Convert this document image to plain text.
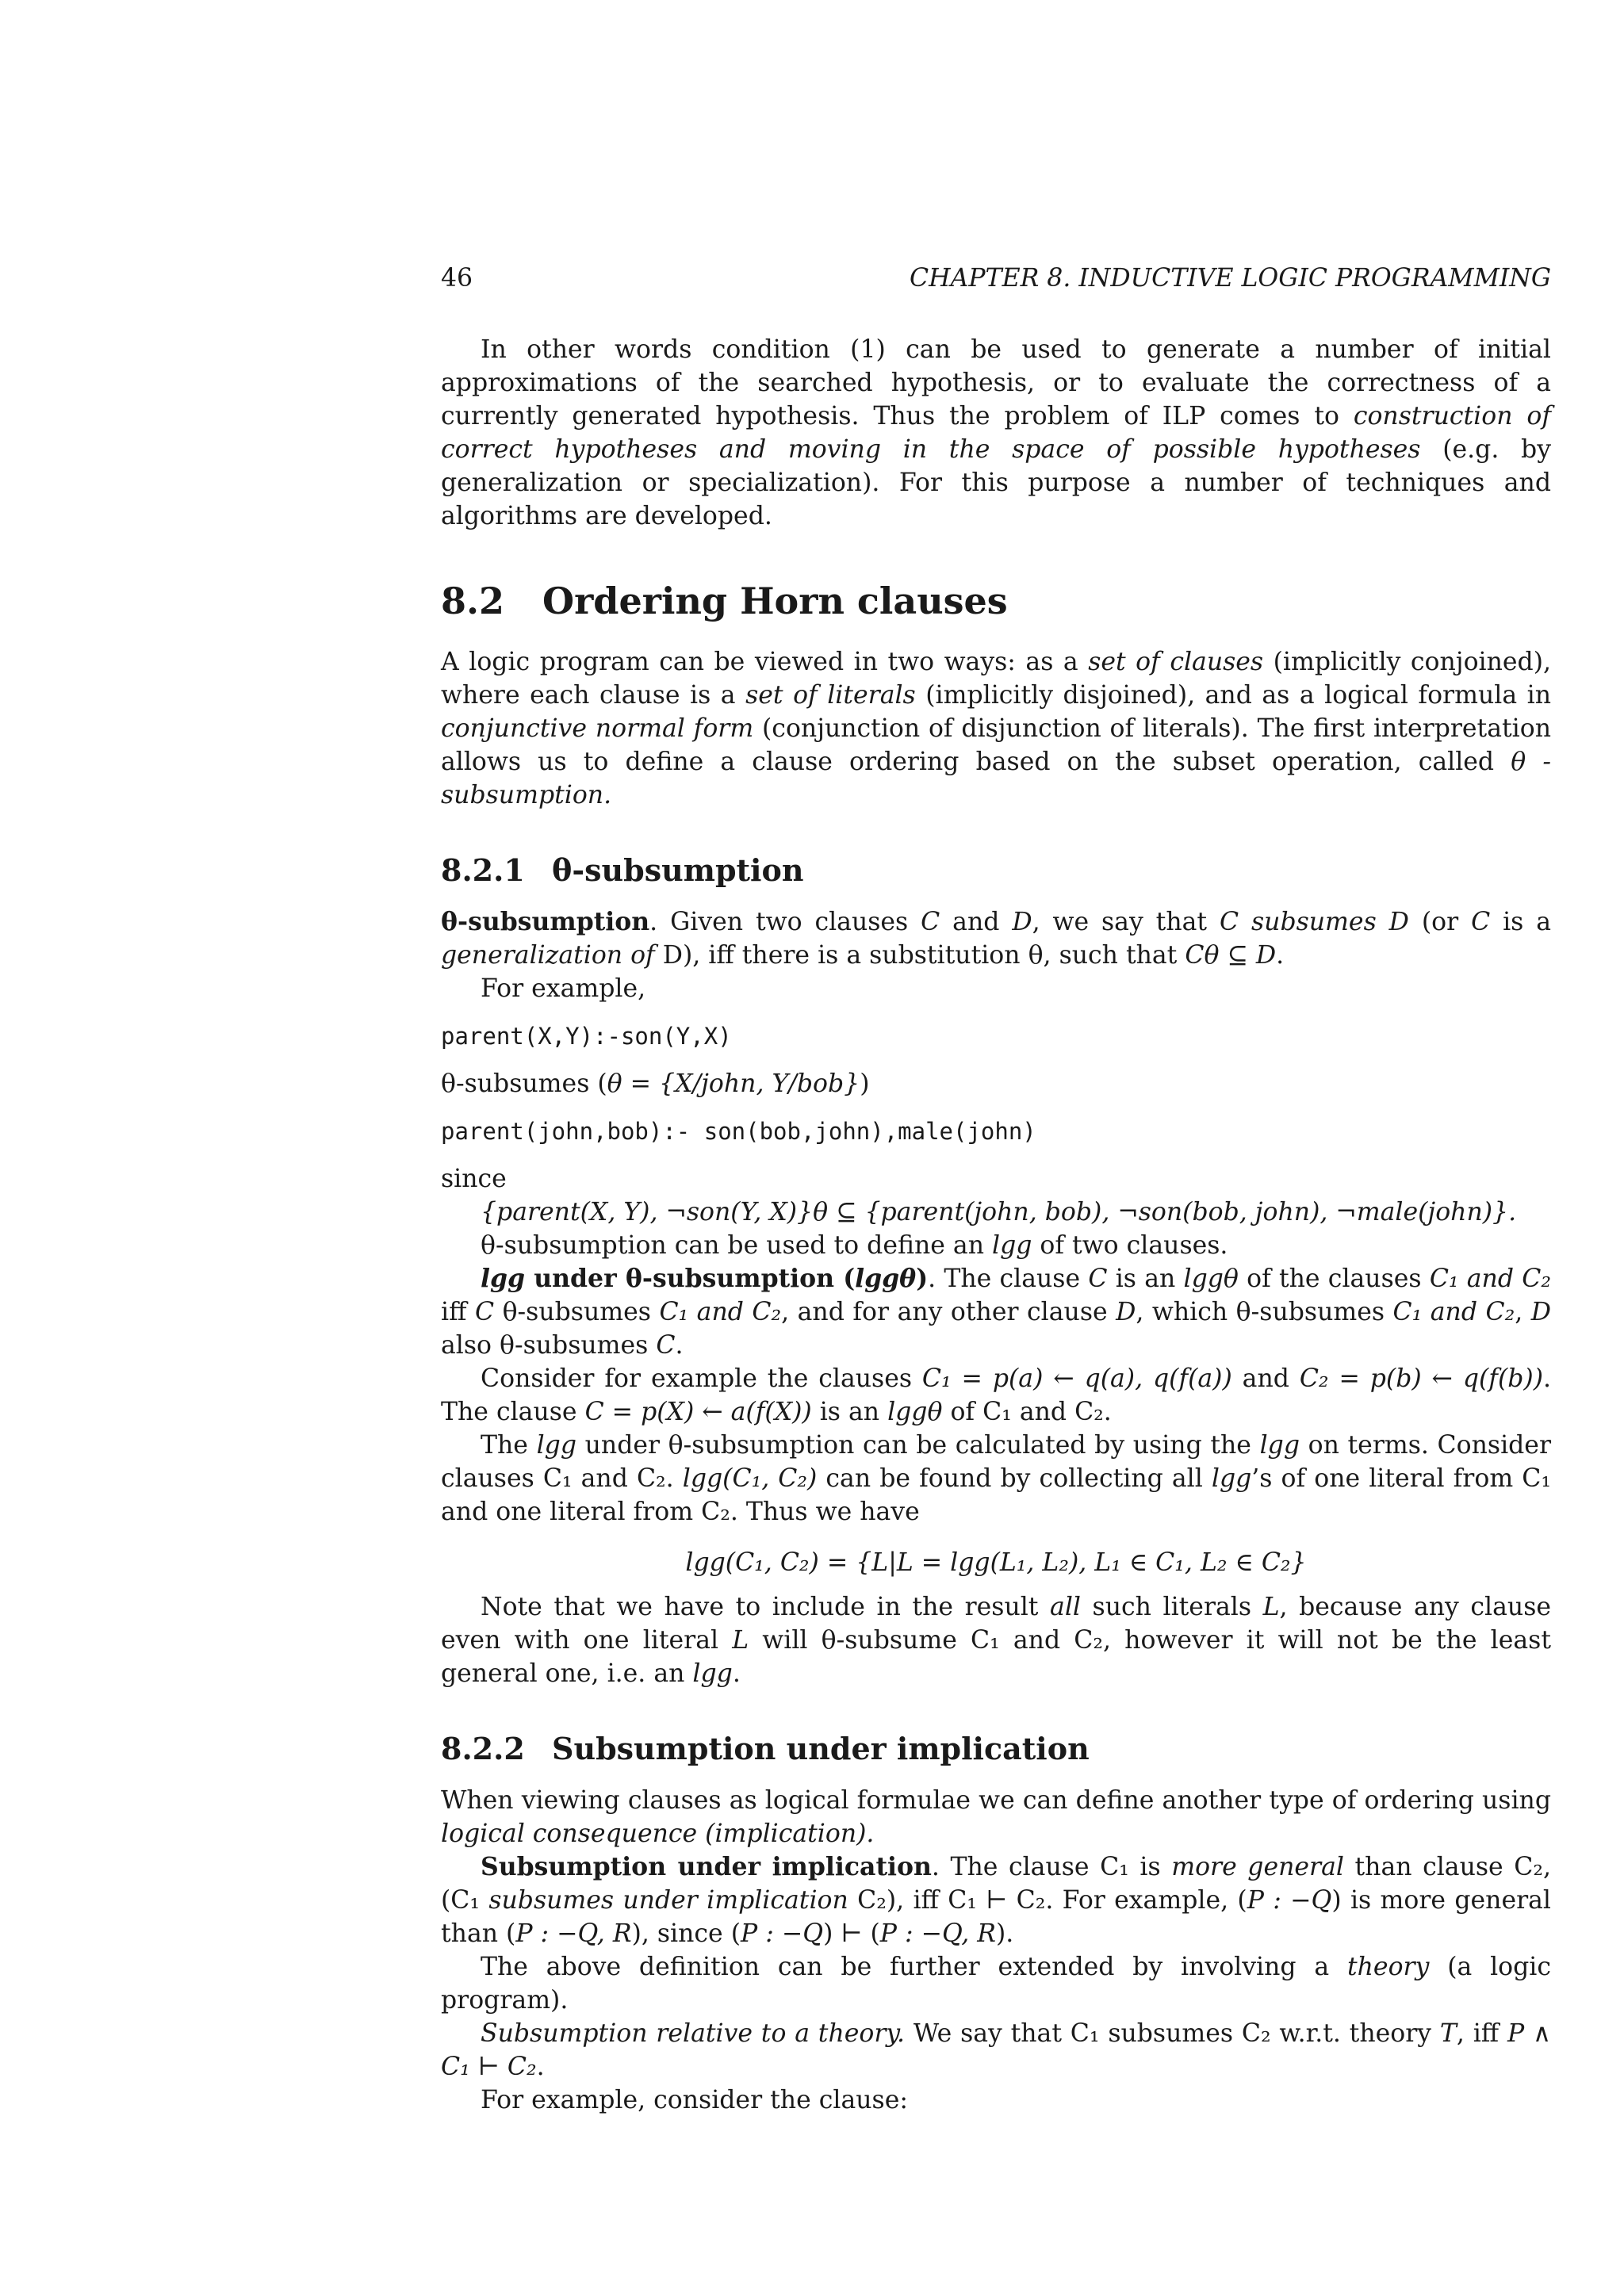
46	CHAPTER 8. INDUCTIVE LOGIC PROGRAMMING

In other words condition (1) can be used to generate a number of initial approximations of the searched hypothesis, or to evaluate the correctness of a currently generated hypothesis. Thus the problem of ILP comes to construction of correct hypotheses and moving in the space of possible hypotheses (e.g. by generalization or specialization). For this purpose a number of techniques and algorithms are developed.

8.2 Ordering Horn clauses

A logic program can be viewed in two ways: as a set of clauses (implicitly conjoined), where each clause is a set of literals (implicitly disjoined), and as a logical formula in conjunctive normal form (conjunction of disjunction of literals). The first interpretation allows us to define a clause ordering based on the subset operation, called θ - subsumption.

8.2.1 θ-subsumption

θ-subsumption. Given two clauses C and D, we say that C subsumes D (or C is a generalization of D), iff there is a substitution θ, such that Cθ ⊆ D.

For example,

parent(X,Y):-son(Y,X)
θ-subsumes (θ = {X/john, Y/bob})
parent(john,bob):- son(bob,john),male(john)

since

{parent(X, Y), ¬son(Y, X)}θ ⊆ {parent(john, bob), ¬son(bob, john), ¬male(john)}.

θ-subsumption can be used to define an lgg of two clauses.

lgg under θ-subsumption (lggθ). The clause C is an lggθ of the clauses C₁ and C₂ iff C θ-subsumes C₁ and C₂, and for any other clause D, which θ-subsumes C₁ and C₂, D also θ-subsumes C.

Consider for example the clauses C₁ = p(a) ← q(a), q(f(a)) and C₂ = p(b) ← q(f(b)). The clause C = p(X) ← a(f(X)) is an lggθ of C₁ and C₂.

The lgg under θ-subsumption can be calculated by using the lgg on terms. Consider clauses C₁ and C₂. lgg(C₁, C₂) can be found by collecting all lgg’s of one literal from C₁ and one literal from C₂. Thus we have

lgg(C₁, C₂) = {L|L = lgg(L₁, L₂), L₁ ∈ C₁, L₂ ∈ C₂}

Note that we have to include in the result all such literals L, because any clause even with one literal L will θ-subsume C₁ and C₂, however it will not be the least general one, i.e. an lgg.

8.2.2 Subsumption under implication

When viewing clauses as logical formulae we can define another type of ordering using logical consequence (implication).

Subsumption under implication. The clause C₁ is more general than clause C₂, (C₁ subsumes under implication C₂), iff C₁ ⊢ C₂. For example, (P : −Q) is more general than (P : −Q, R), since (P : −Q) ⊢ (P : −Q, R).

The above definition can be further extended by involving a theory (a logic program).

Subsumption relative to a theory. We say that C₁ subsumes C₂ w.r.t. theory T, iff P ∧ C₁ ⊢ C₂.

For example, consider the clause:
